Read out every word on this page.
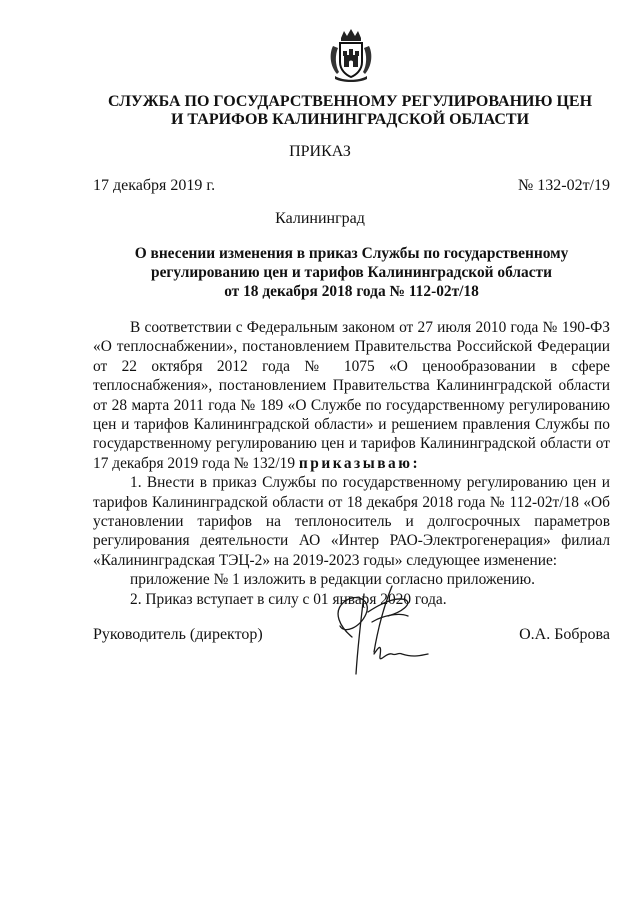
СЛУЖБА ПО ГОСУДАРСТВЕННОМУ РЕГУЛИРОВАНИЮ ЦЕН
И ТАРИФОВ КАЛИНИНГРАДСКОЙ ОБЛАСТИ
ПРИКАЗ
17 декабря 2019 г.	№ 132-02т/19
Калининград
О внесении изменения в приказ Службы по государственному
регулированию цен и тарифов Калининградской области
от 18 декабря 2018 года № 112-02т/18

В соответствии с Федеральным законом от 27 июля 2010 года № 190-ФЗ «О теплоснабжении», постановлением Правительства Российской Федерации от 22 октября 2012 года № 1075 «О ценообразовании в сфере теплоснабжения», постановлением Правительства Калининградской области от 28 марта 2011 года № 189 «О Службе по государственному регулированию цен и тарифов Калининградской области» и решением правления Службы по государственному регулированию цен и тарифов Калининградской области от 17 декабря 2019 года № 132/19 приказываю:

1. Внести в приказ Службы по государственному регулированию цен и тарифов Калининградской области от 18 декабря 2018 года № 112-02т/18 «Об установлении тарифов на теплоноситель и долгосрочных параметров регулирования деятельности АО «Интер РАО-Электрогенерация» филиал «Калининградская ТЭЦ-2» на 2019-2023 годы» следующее изменение:

приложение № 1 изложить в редакции согласно приложению.

2. Приказ вступает в силу с 01 января 2020 года.

Руководитель (директор)	О.А. Боброва
